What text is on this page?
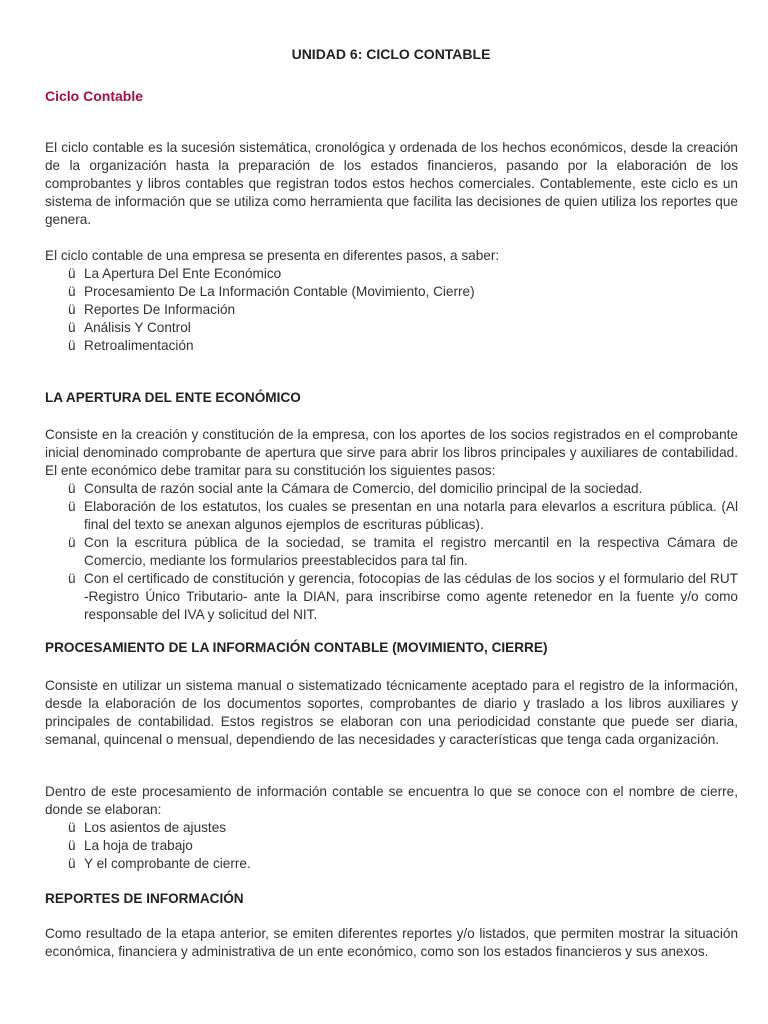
UNIDAD 6: CICLO CONTABLE
Ciclo Contable
El ciclo contable es la sucesión sistemática, cronológica y ordenada de los hechos económicos, desde la creación de la organización hasta la preparación de los estados financieros, pasando por la elaboración de los comprobantes y libros contables que registran todos estos hechos comerciales. Contablemente, este ciclo es un sistema de información que se utiliza como herramienta que facilita las decisiones de quien utiliza los reportes que genera.
El ciclo contable de una empresa se presenta en diferentes pasos, a saber:
ü La Apertura Del Ente Económico
ü Procesamiento De La Información Contable (Movimiento, Cierre)
ü Reportes De Información
ü Análisis Y Control
ü Retroalimentación
LA APERTURA DEL ENTE ECONÓMICO
Consiste en la creación y constitución de la empresa, con los aportes de los socios registrados en el comprobante inicial denominado comprobante de apertura que sirve para abrir los libros principales y auxiliares de contabilidad. El ente económico debe tramitar para su constitución los siguientes pasos:
ü Consulta de razón social ante la Cámara de Comercio, del domicilio principal de la sociedad.
ü Elaboración de los estatutos, los cuales se presentan en una notarla para elevarlos a escritura pública. (Al final del texto se anexan algunos ejemplos de escrituras públicas).
ü Con la escritura pública de la sociedad, se tramita el registro mercantil en la respectiva Cámara de Comercio, mediante los formularios preestablecidos para tal fin.
ü Con el certificado de constitución y gerencia, fotocopias de las cédulas de los socios y el formulario del RUT -Registro Único Tributario- ante la DIAN, para inscribirse como agente retenedor en la fuente y/o como responsable del IVA y solicitud del NIT.
PROCESAMIENTO DE LA INFORMACIÓN CONTABLE (MOVIMIENTO, CIERRE)
Consiste en utilizar un sistema manual o sistematizado técnicamente aceptado para el registro de la información, desde la elaboración de los documentos soportes, comprobantes de diario y traslado a los libros auxiliares y principales de contabilidad. Estos registros se elaboran con una periodicidad constante que puede ser diaria, semanal, quincenal o mensual, dependiendo de las necesidades y características que tenga cada organización.
Dentro de este procesamiento de información contable se encuentra lo que se conoce con el nombre de cierre, donde se elaboran:
ü Los asientos de ajustes
ü La hoja de trabajo
ü Y el comprobante de cierre.
REPORTES DE INFORMACIÓN
Como resultado de la etapa anterior, se emiten diferentes reportes y/o listados, que permiten mostrar la situación económica, financiera y administrativa de un ente económico, como son los estados financieros y sus anexos.
